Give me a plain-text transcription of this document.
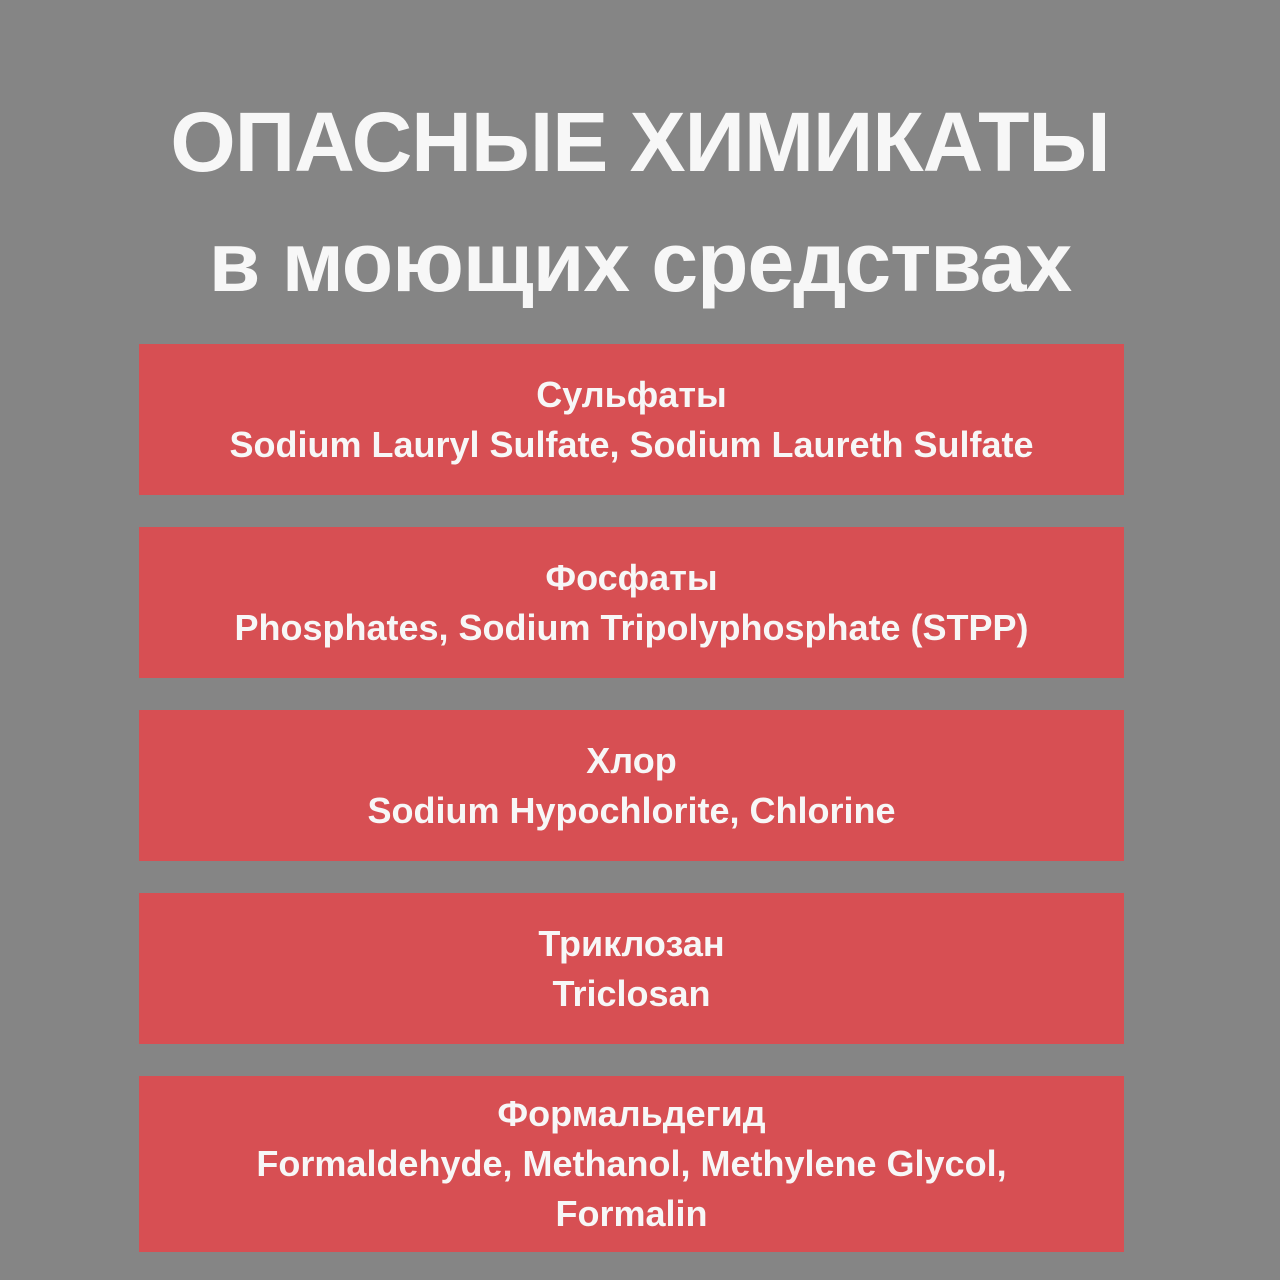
ОПАСНЫЕ ХИМИКАТЫ
в моющих средствах
Сульфаты
Sodium Lauryl Sulfate, Sodium Laureth Sulfate
Фосфаты
Phosphates, Sodium Tripolyphosphate (STPP)
Хлор
Sodium Hypochlorite, Chlorine
Триклозан
Triclosan
Формальдегид
Formaldehyde, Methanol, Methylene Glycol,
Formalin
